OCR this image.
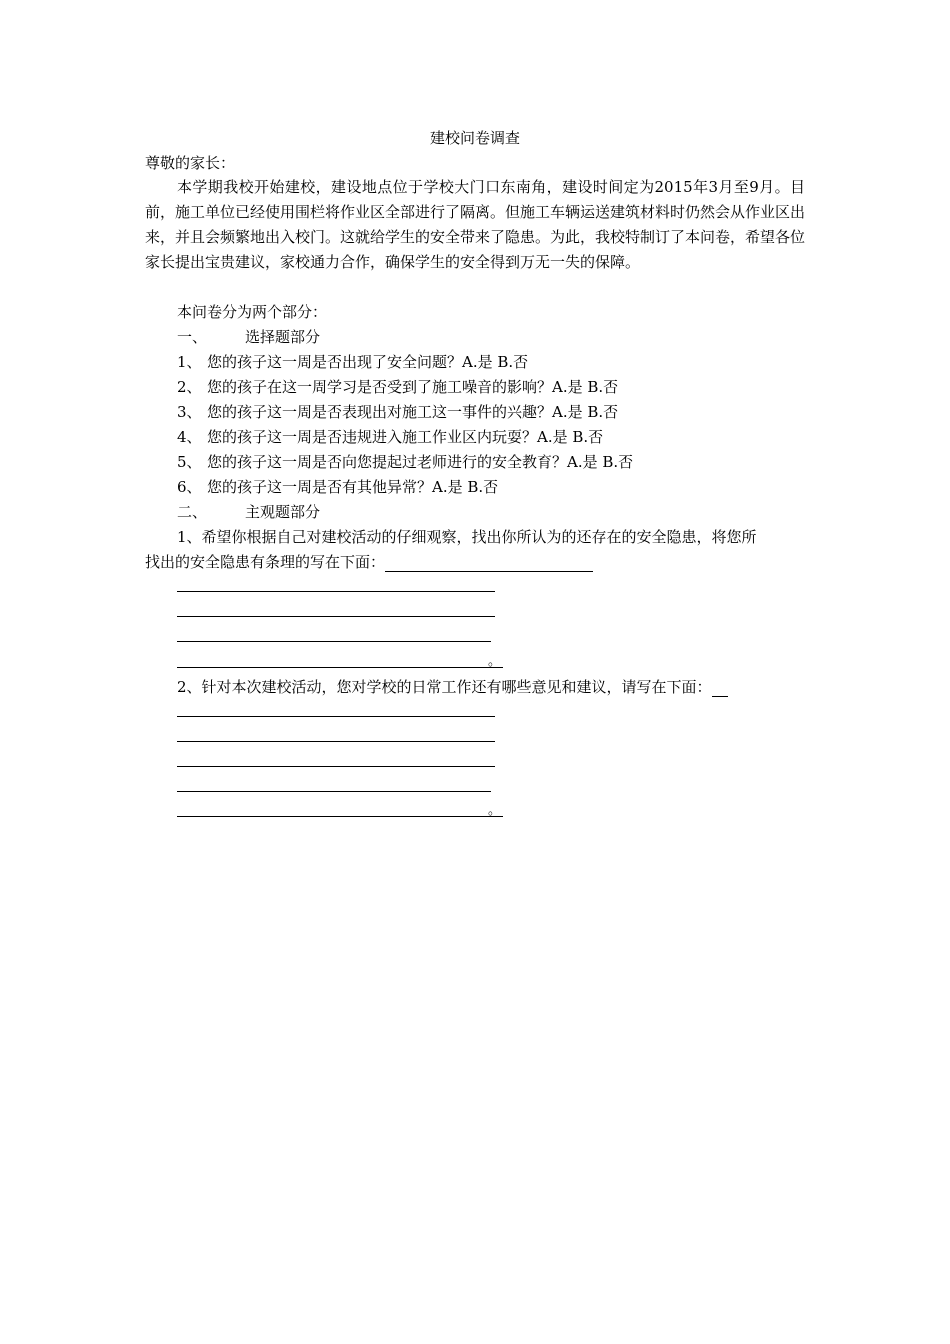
建校问卷调查
尊敬的家长：
本学期我校开始建校，建设地点位于学校大门口东南角，建设时间定为2015年3月至9月。目前，施工单位已经使用围栏将作业区全部进行了隔离。但施工车辆运送建筑材料时仍然会从作业区出来，并且会频繁地出入校门。这就给学生的安全带来了隐患。为此，我校特制订了本问卷，希望各位家长提出宝贵建议，家校通力合作，确保学生的安全得到万无一失的保障。
本问卷分为两个部分：
一、	选择题部分
1、 您的孩子这一周是否出现了安全问题？A.是 B.否
2、 您的孩子在这一周学习是否受到了施工噪音的影响？A.是 B.否
3、 您的孩子这一周是否表现出对施工这一事件的兴趣？A.是 B.否
4、 您的孩子这一周是否违规进入施工作业区内玩耍？A.是 B.否
5、 您的孩子这一周是否向您提起过老师进行的安全教育？A.是 B.否
6、 您的孩子这一周是否有其他异常？A.是 B.否
二、	主观题部分
1、希望你根据自己对建校活动的仔细观察，找出你所认为的还存在的安全隐患，将您所
找出的安全隐患有条理的写在下面：
。
2、针对本次建校活动，您对学校的日常工作还有哪些意见和建议，请写在下面：
。
